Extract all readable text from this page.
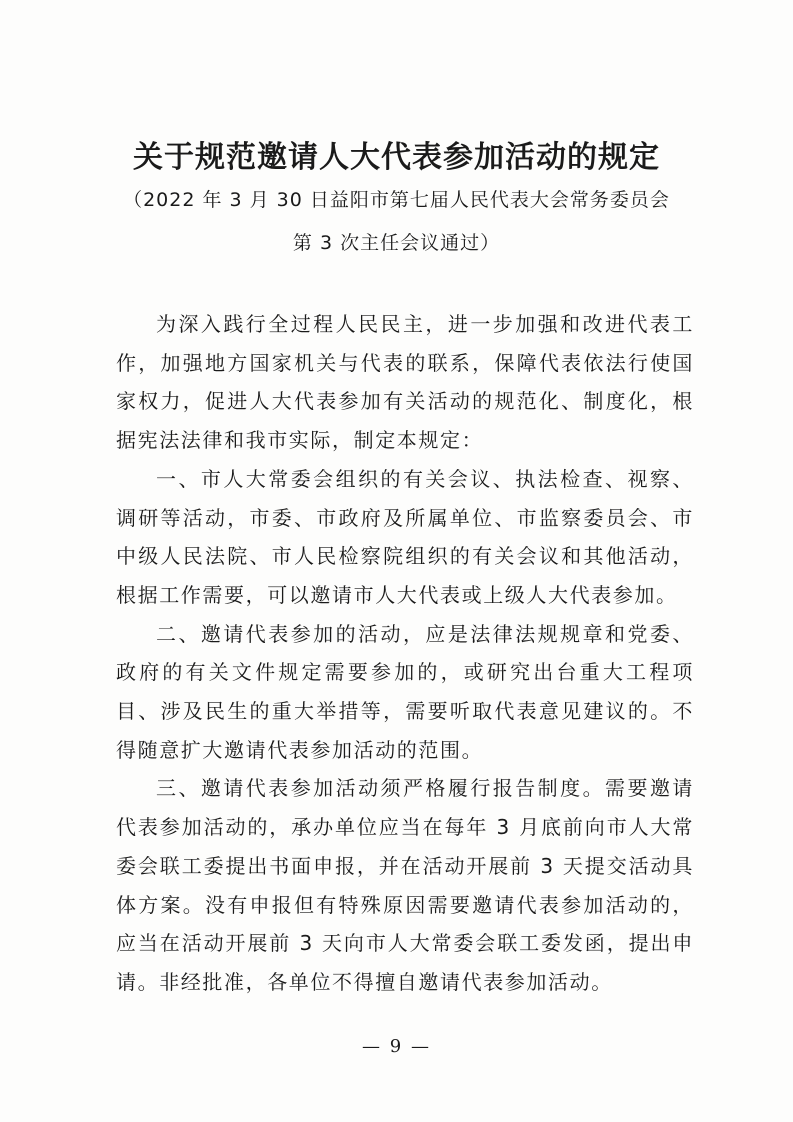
关于规范邀请人大代表参加活动的规定
（2022 年 3 月 30 日益阳市第七届人民代表大会常务委员会
第 3 次主任会议通过）

为深入践行全过程人民民主，进一步加强和改进代表工作，加强地方国家机关与代表的联系，保障代表依法行使国家权力，促进人大代表参加有关活动的规范化、制度化，根据宪法法律和我市实际，制定本规定：

一、市人大常委会组织的有关会议、执法检查、视察、调研等活动，市委、市政府及所属单位、市监察委员会、市中级人民法院、市人民检察院组织的有关会议和其他活动，根据工作需要，可以邀请市人大代表或上级人大代表参加。

二、邀请代表参加的活动，应是法律法规规章和党委、政府的有关文件规定需要参加的，或研究出台重大工程项目、涉及民生的重大举措等，需要听取代表意见建议的。不得随意扩大邀请代表参加活动的范围。

三、邀请代表参加活动须严格履行报告制度。需要邀请代表参加活动的，承办单位应当在每年 3 月底前向市人大常委会联工委提出书面申报，并在活动开展前 3 天提交活动具体方案。没有申报但有特殊原因需要邀请代表参加活动的，应当在活动开展前 3 天向市人大常委会联工委发函，提出申请。非经批准，各单位不得擅自邀请代表参加活动。

— 9 —
